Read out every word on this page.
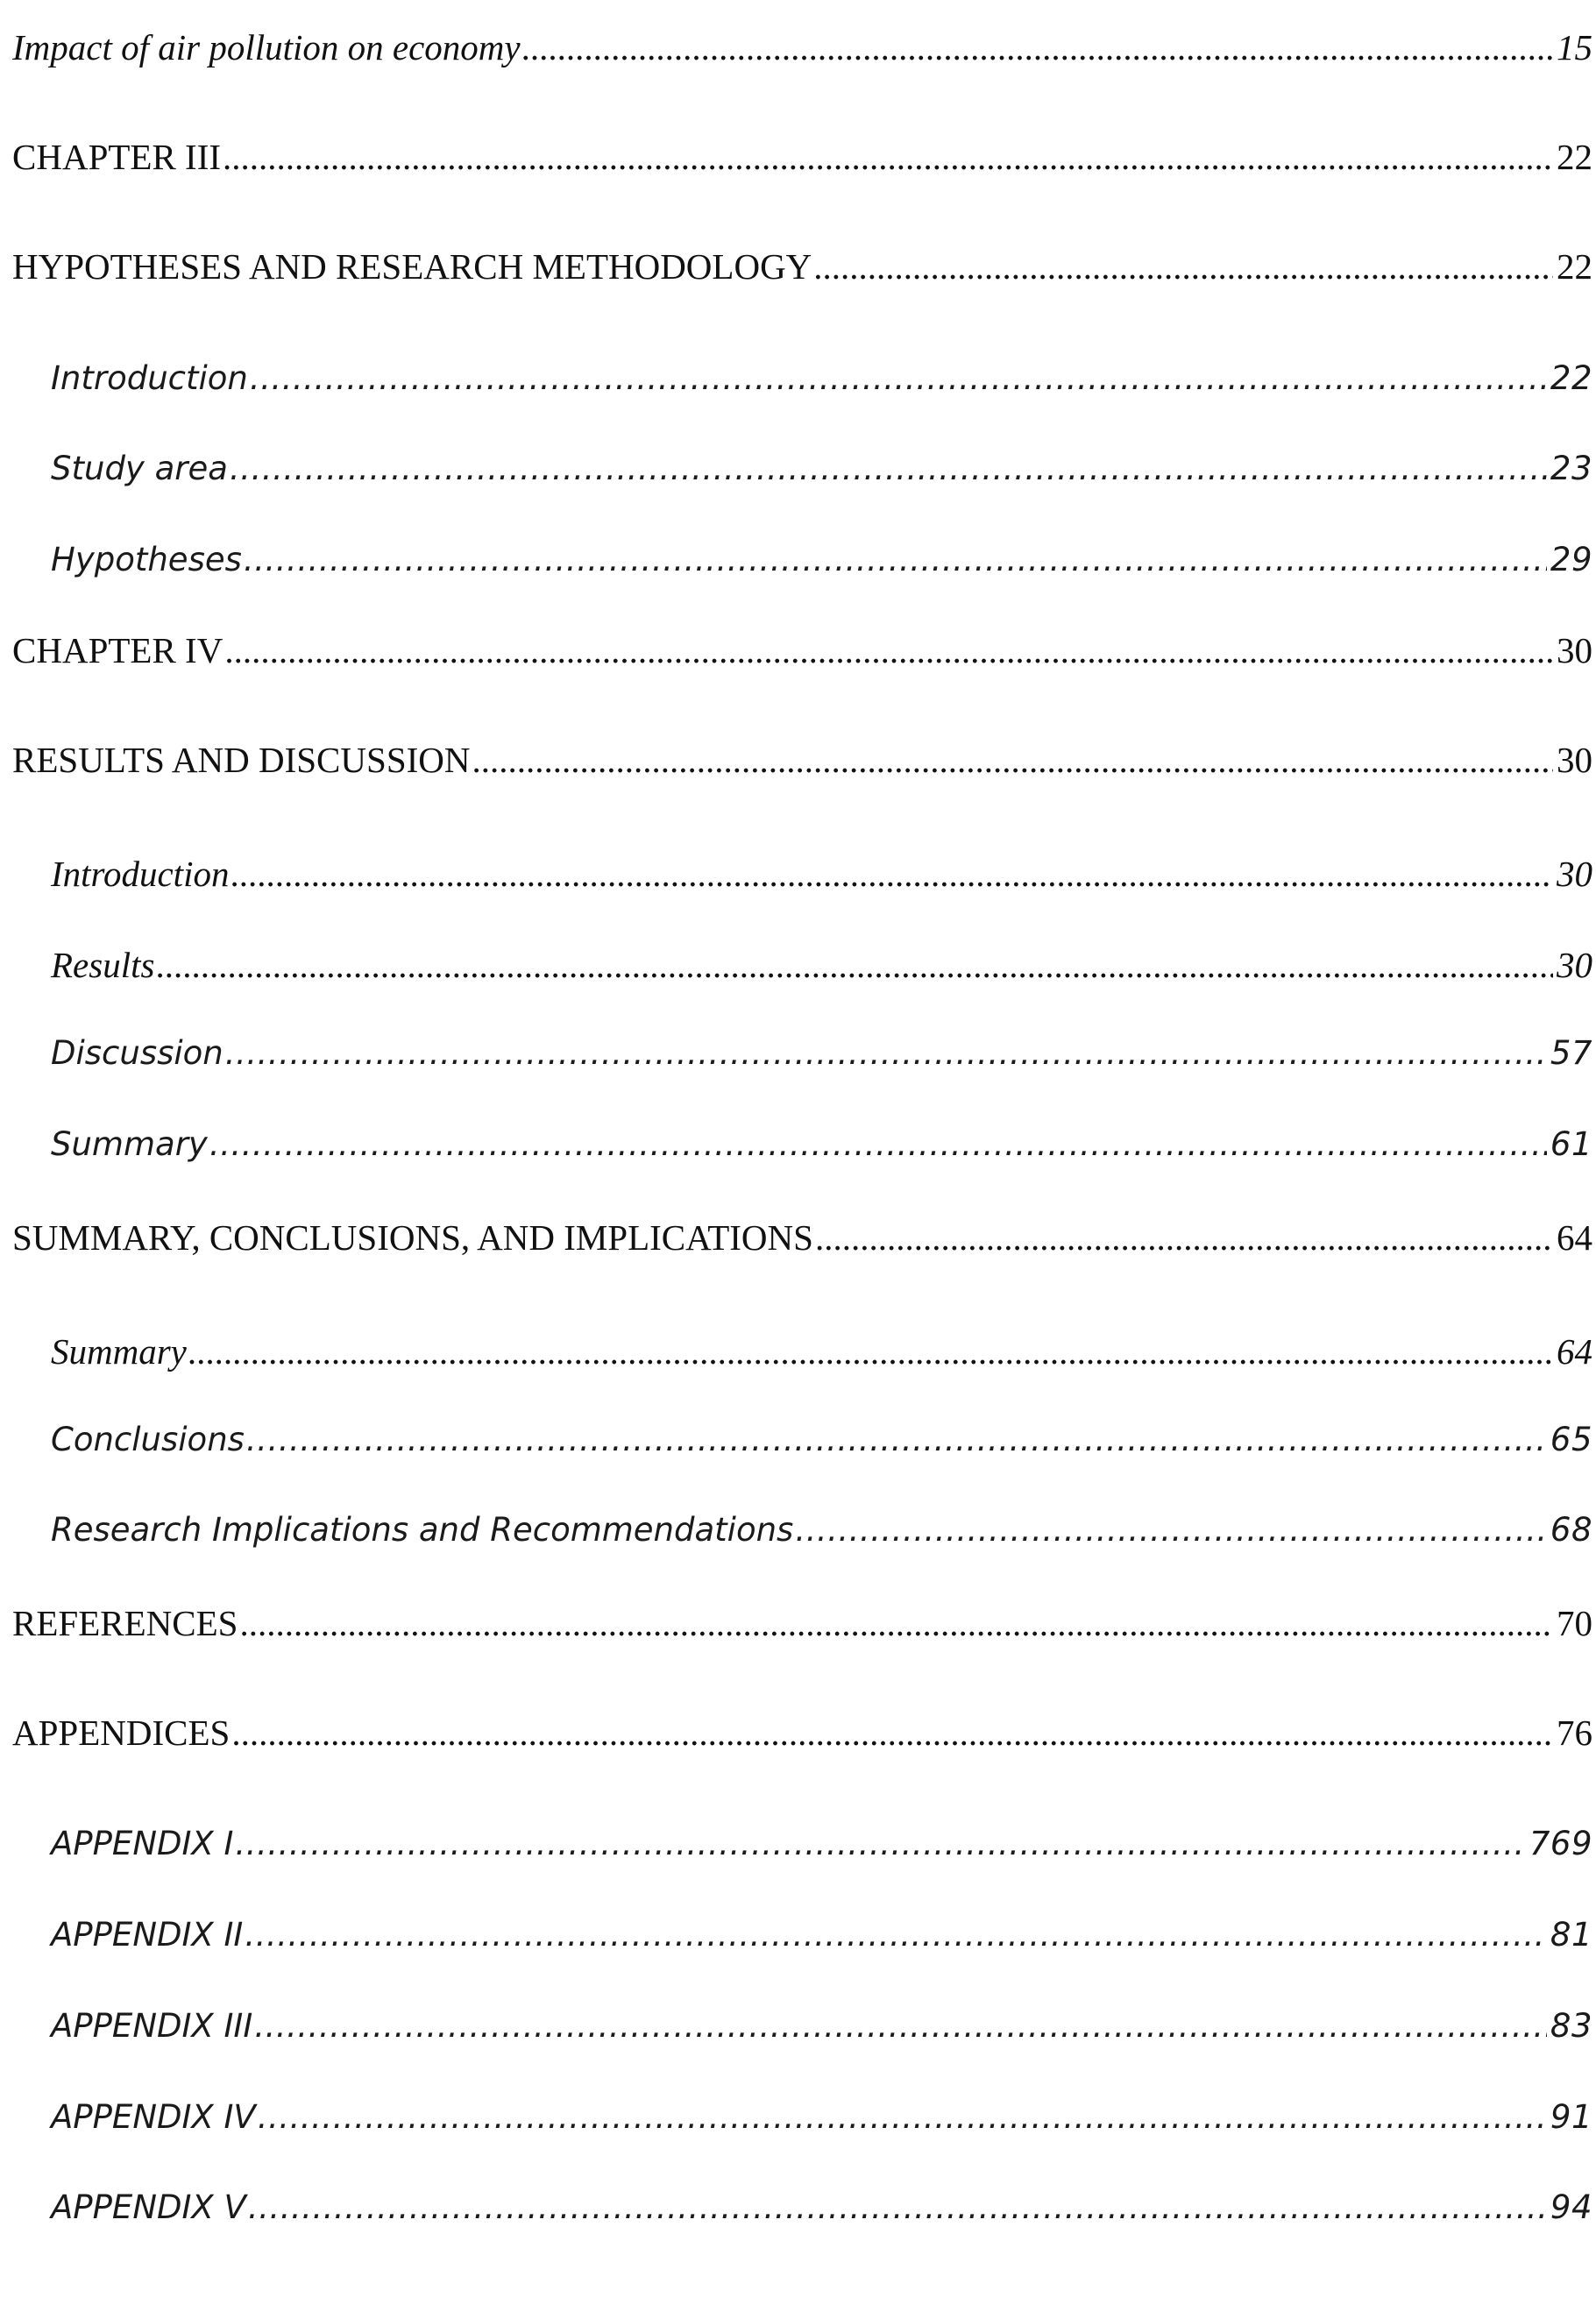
Impact of air pollution on economy .....	15
CHAPTER III .....	22
HYPOTHESES AND RESEARCH METHODOLOGY .....	22
Introduction .....	22
Study area .....	23
Hypotheses .....	29
CHAPTER IV .....	30
RESULTS AND DISCUSSION .....	30
Introduction .....	30
Results .....	30
Discussion .....	57
Summary .....	61
SUMMARY, CONCLUSIONS, AND IMPLICATIONS .....	64
Summary .....	64
Conclusions .....	65
Research Implications and Recommendations .....	68
REFERENCES .....	70
APPENDICES .....	76
APPENDIX I .....	769
APPENDIX II .....	81
APPENDIX III .....	83
APPENDIX IV .....	91
APPENDIX V .....	94
